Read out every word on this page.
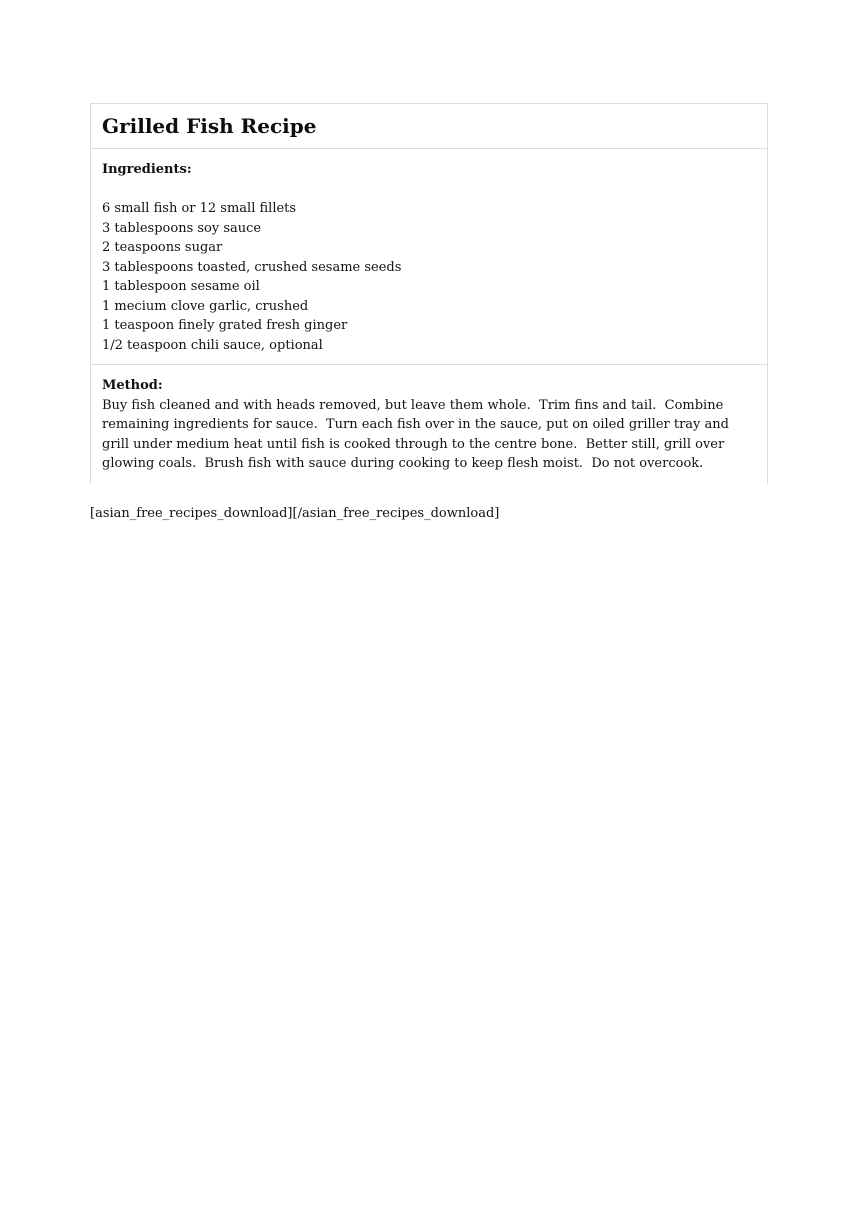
Grilled Fish Recipe

Ingredients:

6 small fish or 12 small fillets
3 tablespoons soy sauce
2 teaspoons sugar
3 tablespoons toasted, crushed sesame seeds
1 tablespoon sesame oil
1 mecium clove garlic, crushed
1 teaspoon finely grated fresh ginger
1/2 teaspoon chili sauce, optional

Method:

Buy fish cleaned and with heads removed, but leave them whole.  Trim fins and tail.  Combine remaining ingredients for sauce.  Turn each fish over in the sauce, put on oiled griller tray and grill under medium heat until fish is cooked through to the centre bone.  Better still, grill over glowing coals.  Brush fish with sauce during cooking to keep flesh moist.  Do not overcook.

[asian_free_recipes_download][/asian_free_recipes_download]
